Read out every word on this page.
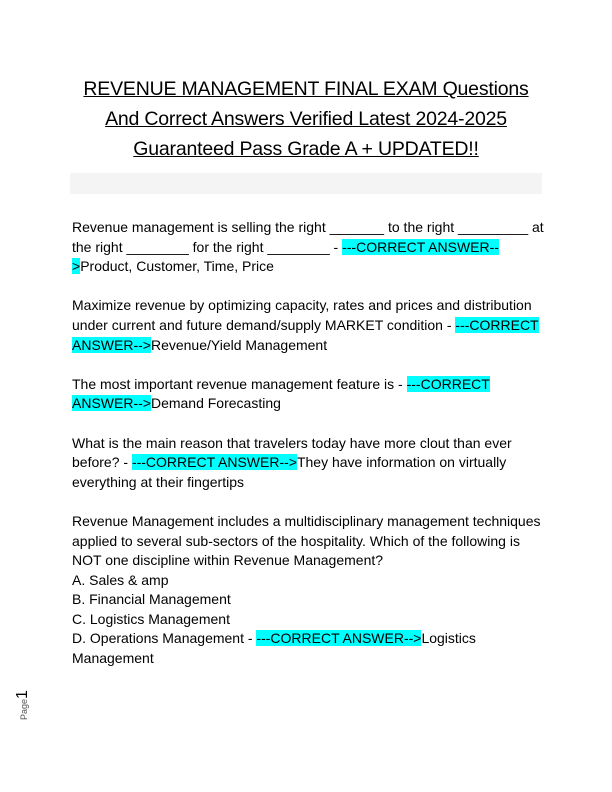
REVENUE MANAGEMENT FINAL EXAM Questions And Correct Answers Verified Latest 2024-2025 Guaranteed Pass Grade A + UPDATED!!

Revenue management is selling the right _______ to the right _________ at the right ________ for the right ________ - ---CORRECT ANSWER-->Product, Customer, Time, Price

Maximize revenue by optimizing capacity, rates and prices and distribution under current and future demand/supply MARKET condition - ---CORRECT ANSWER-->Revenue/Yield Management

The most important revenue management feature is - ---CORRECT ANSWER-->Demand Forecasting

What is the main reason that travelers today have more clout than ever before? - ---CORRECT ANSWER-->They have information on virtually everything at their fingertips

Revenue Management includes a multidisciplinary management techniques applied to several sub-sectors of the hospitality. Which of the following is NOT one discipline within Revenue Management?
A. Sales & amp
B. Financial Management
C. Logistics Management
D. Operations Management - ---CORRECT ANSWER-->Logistics Management

Page1
